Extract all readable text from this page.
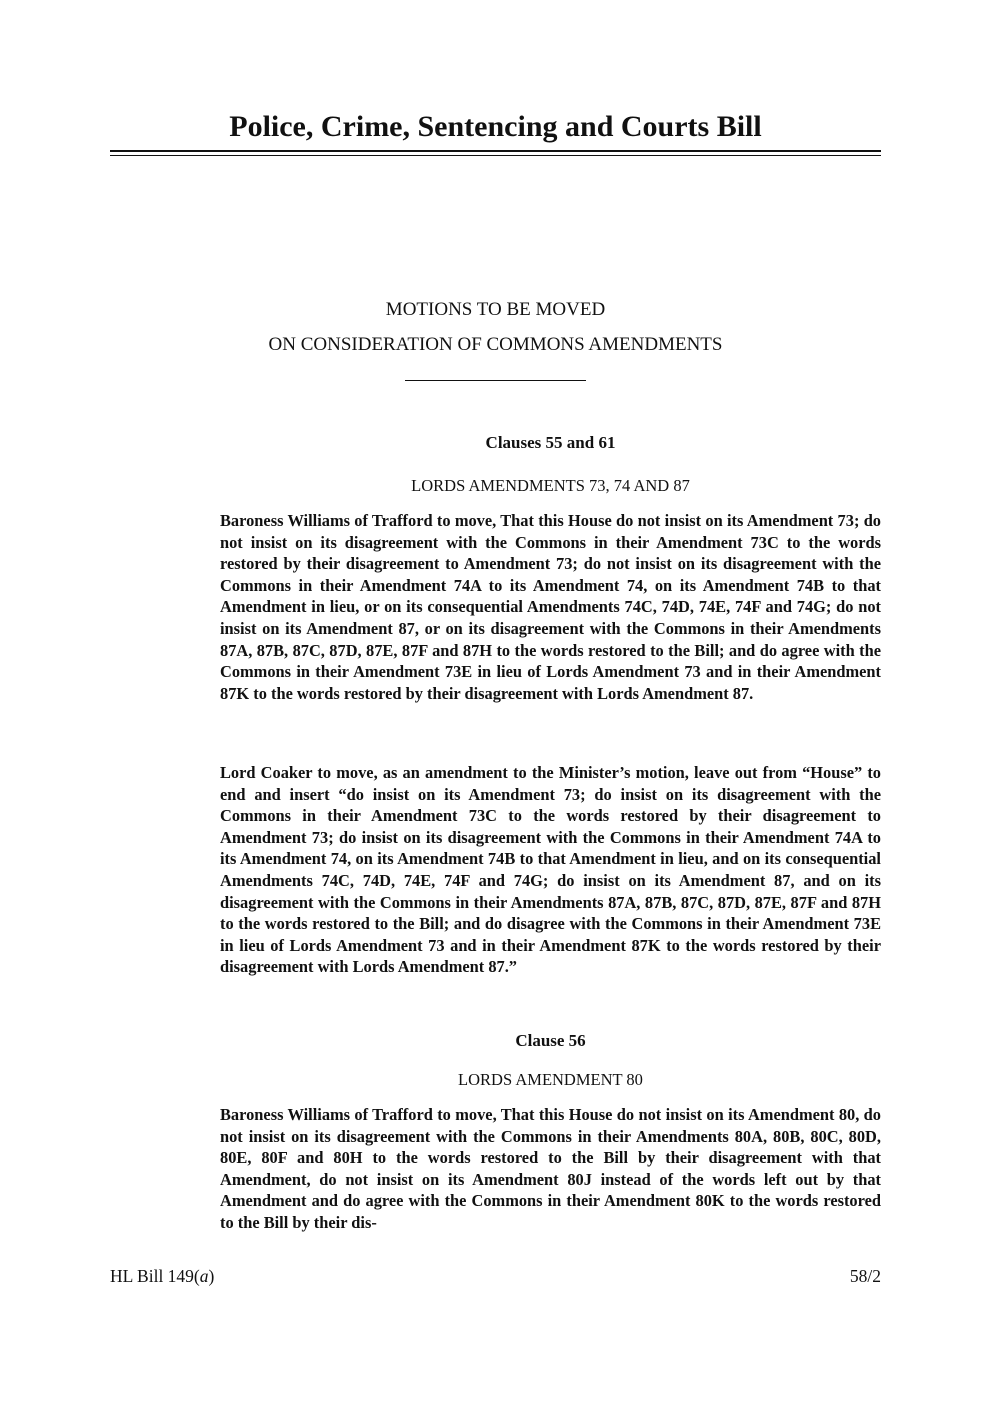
Police, Crime, Sentencing and Courts Bill
MOTIONS TO BE MOVED
ON CONSIDERATION OF COMMONS AMENDMENTS
Clauses 55 and 61
LORDS AMENDMENTS 73, 74 AND 87

Baroness Williams of Trafford to move, That this House do not insist on its Amendment 73; do not insist on its disagreement with the Commons in their Amendment 73C to the words restored by their disagreement to Amendment 73; do not insist on its disagreement with the Commons in their Amendment 74A to its Amendment 74, on its Amendment 74B to that Amendment in lieu, or on its consequential Amendments 74C, 74D, 74E, 74F and 74G; do not insist on its Amendment 87, or on its disagreement with the Commons in their Amendments 87A, 87B, 87C, 87D, 87E, 87F and 87H to the words restored to the Bill; and do agree with the Commons in their Amendment 73E in lieu of Lords Amendment 73 and in their Amendment 87K to the words restored by their disagreement with Lords Amendment 87.

Lord Coaker to move, as an amendment to the Minister’s motion, leave out from “House” to end and insert “do insist on its Amendment 73; do insist on its disagreement with the Commons in their Amendment 73C to the words restored by their disagreement to Amendment 73; do insist on its disagreement with the Commons in their Amendment 74A to its Amendment 74, on its Amendment 74B to that Amendment in lieu, and on its consequential Amendments 74C, 74D, 74E, 74F and 74G; do insist on its Amendment 87, and on its disagreement with the Commons in their Amendments 87A, 87B, 87C, 87D, 87E, 87F and 87H to the words restored to the Bill; and do disagree with the Commons in their Amendment 73E in lieu of Lords Amendment 73 and in their Amendment 87K to the words restored by their disagreement with Lords Amendment 87.”

Clause 56
LORDS AMENDMENT 80

Baroness Williams of Trafford to move, That this House do not insist on its Amendment 80, do not insist on its disagreement with the Commons in their Amendments 80A, 80B, 80C, 80D, 80E, 80F and 80H to the words restored to the Bill by their disagreement with that Amendment, do not insist on its Amendment 80J instead of the words left out by that Amendment and do agree with the Commons in their Amendment 80K to the words restored to the Bill by their dis-

HL Bill 149(a)	58/2
